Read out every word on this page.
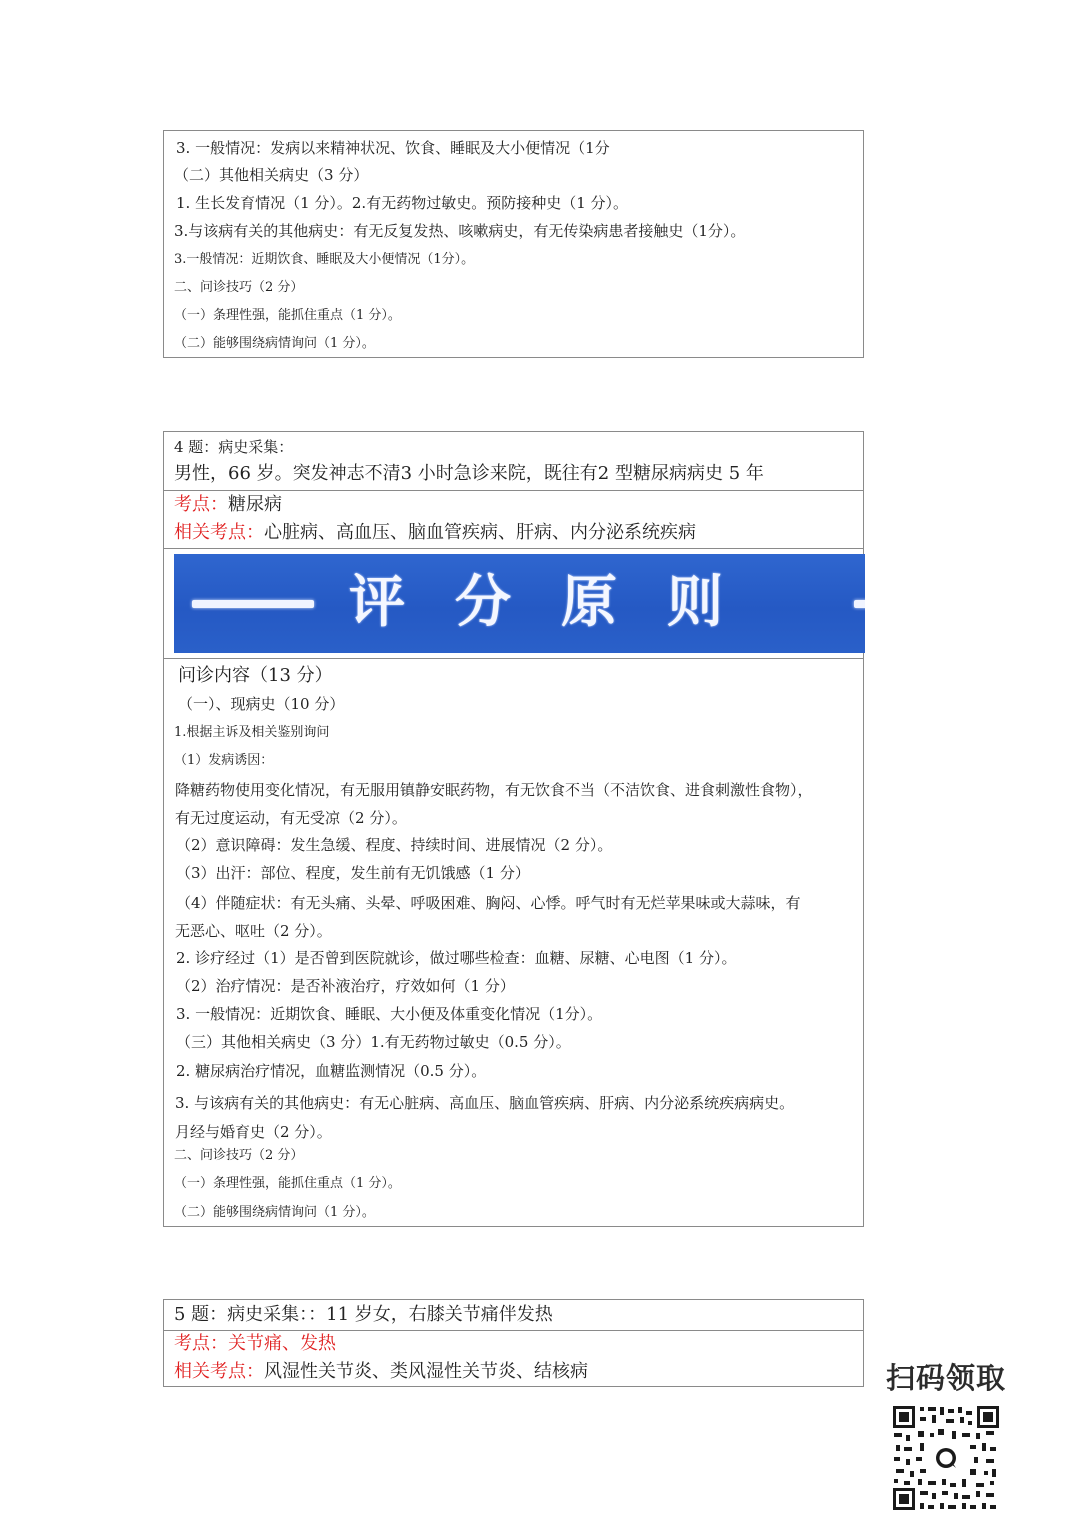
3. 一般情况：发病以来精神状况、饮食、睡眠及大小便情况（1分
（二）其他相关病史（3 分）
1. 生长发育情况（1 分）。2.有无药物过敏史。预防接种史（1 分）。
3.与该病有关的其他病史：有无反复发热、咳嗽病史，有无传染病患者接触史（1分）。
3.一般情况：近期饮食、睡眠及大小便情况（1分）。
二、问诊技巧（2 分）
（一）条理性强，能抓住重点（1 分）。
（二）能够围绕病情询问（1 分）。
4 题：病史采集：
男性，66 岁。突发神志不清3 小时急诊来院，既往有2 型糖尿病病史 5 年
考点：糖尿病
相关考点：心脏病、高血压、脑血管疾病、肝病、内分泌系统疾病
评分原则
问诊内容（13 分）
（一）、现病史（10 分）
1.根据主诉及相关鉴别询问
（1）发病诱因：
降糖药物使用变化情况，有无服用镇静安眠药物，有无饮食不当（不洁饮食、进食刺激性食物），
有无过度运动，有无受凉（2 分）。
（2）意识障碍：发生急缓、程度、持续时间、进展情况（2 分）。
（3）出汗：部位、程度，发生前有无饥饿感（1 分）
（4）伴随症状：有无头痛、头晕、呼吸困难、胸闷、心悸。呼气时有无烂苹果味或大蒜味，有
无恶心、呕吐（2 分）。
2. 诊疗经过（1）是否曾到医院就诊，做过哪些检查：血糖、尿糖、心电图（1 分）。
（2）治疗情况：是否补液治疗，疗效如何（1 分）
3. 一般情况：近期饮食、睡眠、大小便及体重变化情况（1分）。
（三）其他相关病史（3 分）1.有无药物过敏史（0.5 分）。
2. 糖尿病治疗情况，血糖监测情况（0.5 分）。
3. 与该病有关的其他病史：有无心脏病、高血压、脑血管疾病、肝病、内分泌系统疾病病史。
月经与婚育史（2 分）。
二、问诊技巧（2 分）
（一）条理性强，能抓住重点（1 分）。
（二）能够围绕病情询问（1 分）。
5 题：病史采集：：11 岁女，右膝关节痛伴发热
考点：关节痛、发热
相关考点：风湿性关节炎、类风湿性关节炎、结核病	扫码领取
